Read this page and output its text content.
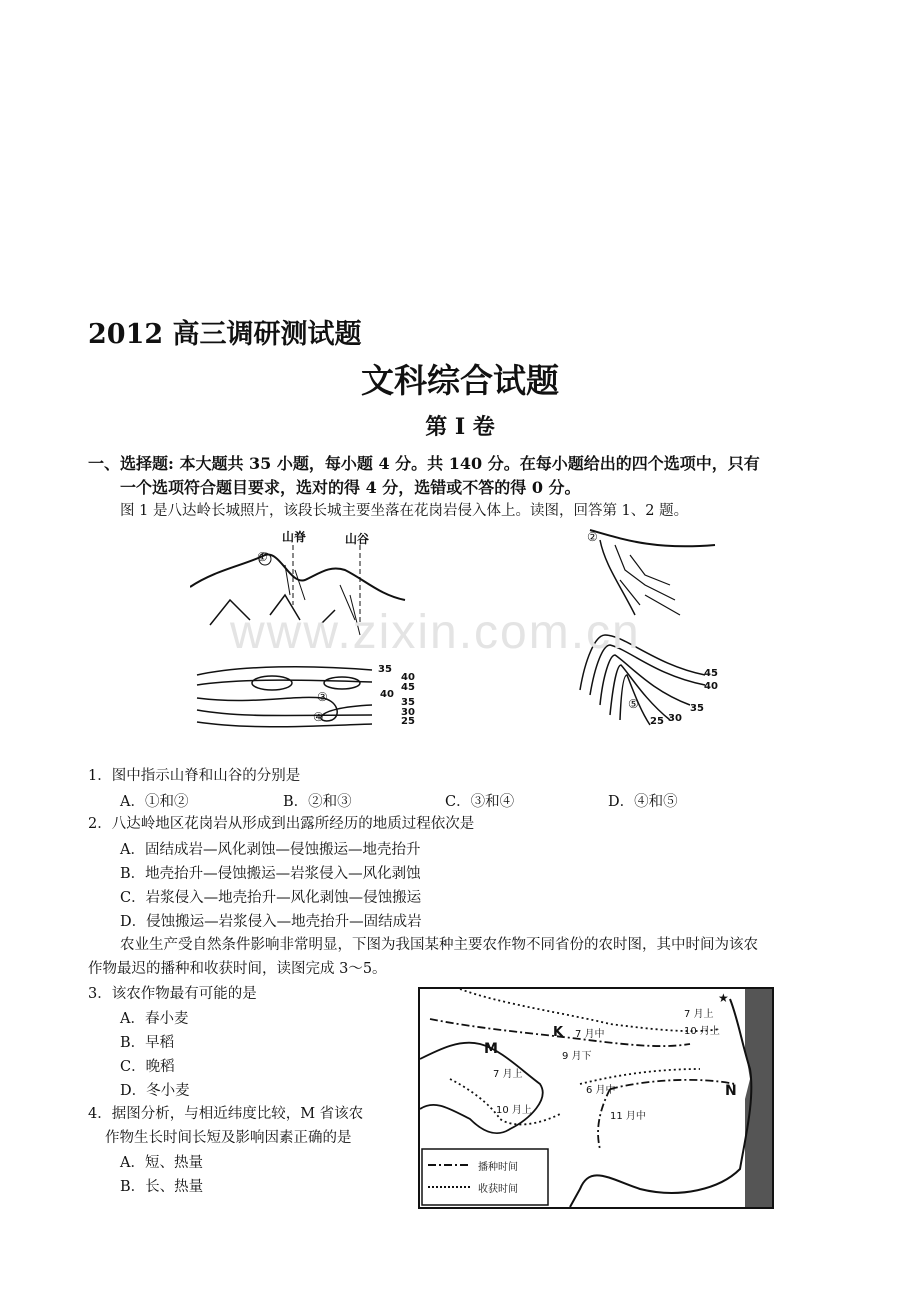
2012 高三调研测试题
文科综合试题
第 I 卷
一、选择题: 本大题共 35 小题，每小题 4 分。共 140 分。在每小题给出的四个选项中，只有
一个选项符合题目要求，选对的得 4 分，选错或不答的得 0 分。
图 1 是八达岭长城照片，该段长城主要坐落在花岗岩侵入体上。读图，回答第 1、2 题。
山脊	山谷
①
35
40
45
40
35
30
25
③
④
②
45
40
35
30
25
⑤
www.zixin.com.cn
1．图中指示山脊和山谷的分别是
A．①和②	B．②和③	C．③和④	D．④和⑤
2．八达岭地区花岗岩从形成到出露所经历的地质过程依次是
A．固结成岩—风化剥蚀—侵蚀搬运—地壳抬升
B．地壳抬升—侵蚀搬运—岩浆侵入—风化剥蚀
C．岩浆侵入—地壳抬升—风化剥蚀—侵蚀搬运
D．侵蚀搬运—岩浆侵入—地壳抬升—固结成岩
农业生产受自然条件影响非常明显，下图为我国某种主要农作物不同省份的农时图，其中时间为该农
作物最迟的播种和收获时间，读图完成 3～5。
3．该农作物最有可能的是
A．春小麦
B．早稻
C．晚稻
D．冬小麦
4．据图分析，与相近纬度比较，M 省该农
作物生长时间长短及影响因素正确的是
A．短、热量
B．长、热量
7 月中
9 月下
7 月上
10 月上
6 月中
11 月中
7 月上
10 月上
M
K
N
播种时间
收获时间
★
